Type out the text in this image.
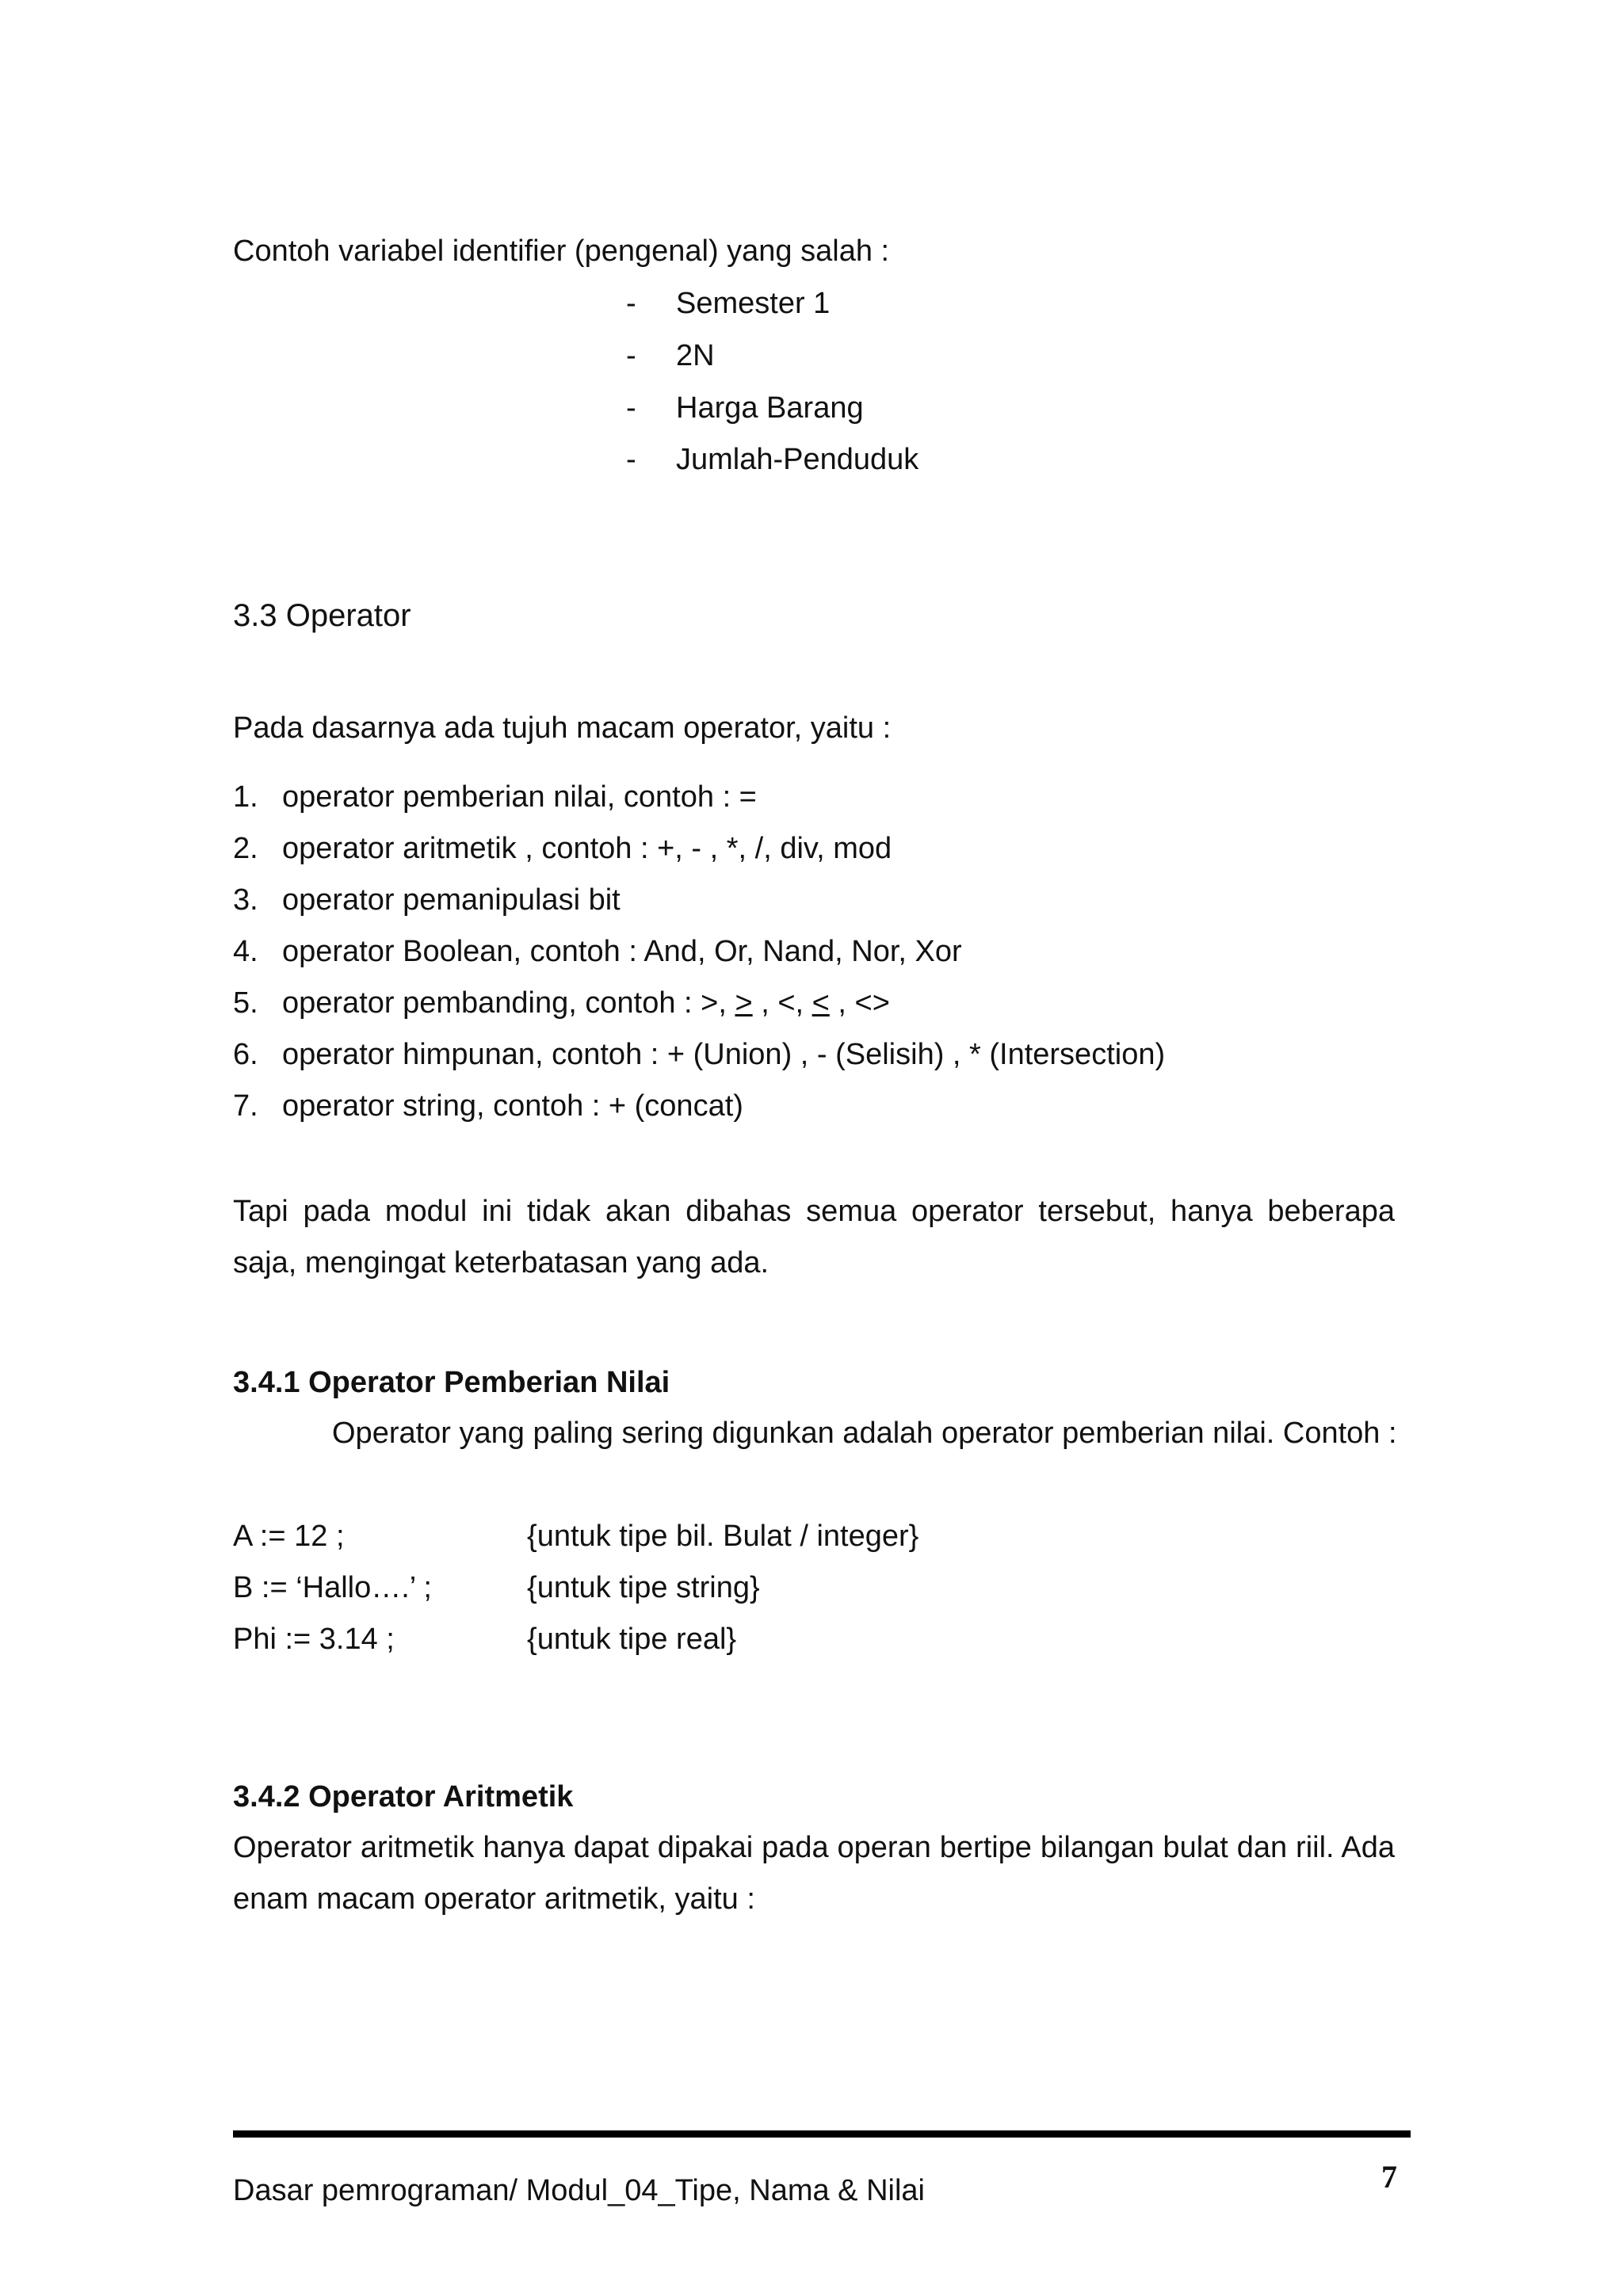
Contoh variabel identifier (pengenal) yang salah :
- Semester 1
- 2N
- Harga Barang
- Jumlah-Penduduk
3.3 Operator
Pada dasarnya ada tujuh macam operator, yaitu :
1. operator pemberian nilai, contoh : =
2. operator aritmetik , contoh : +, - , *, /, div, mod
3. operator pemanipulasi bit
4. operator Boolean, contoh : And, Or, Nand, Nor, Xor
5. operator pembanding, contoh : >, > , <, < , <>
6. operator himpunan, contoh : + (Union) , - (Selisih) , * (Intersection)
7. operator string, contoh : + (concat)
Tapi pada modul ini tidak akan dibahas semua operator tersebut, hanya beberapa
saja, mengingat keterbatasan yang ada.
3.4.1 Operator Pemberian Nilai
Operator yang paling sering digunkan adalah operator pemberian nilai. Contoh :
A := 12 ;	{untuk tipe bil. Bulat / integer}
B := ‘Hallo….’ ;	{untuk tipe string}
Phi := 3.14 ;	{untuk tipe real}
3.4.2 Operator Aritmetik
Operator aritmetik hanya dapat dipakai pada operan bertipe bilangan bulat dan riil. Ada
enam macam operator aritmetik, yaitu :
Dasar pemrograman/ Modul_04_Tipe, Nama & Nilai	7
